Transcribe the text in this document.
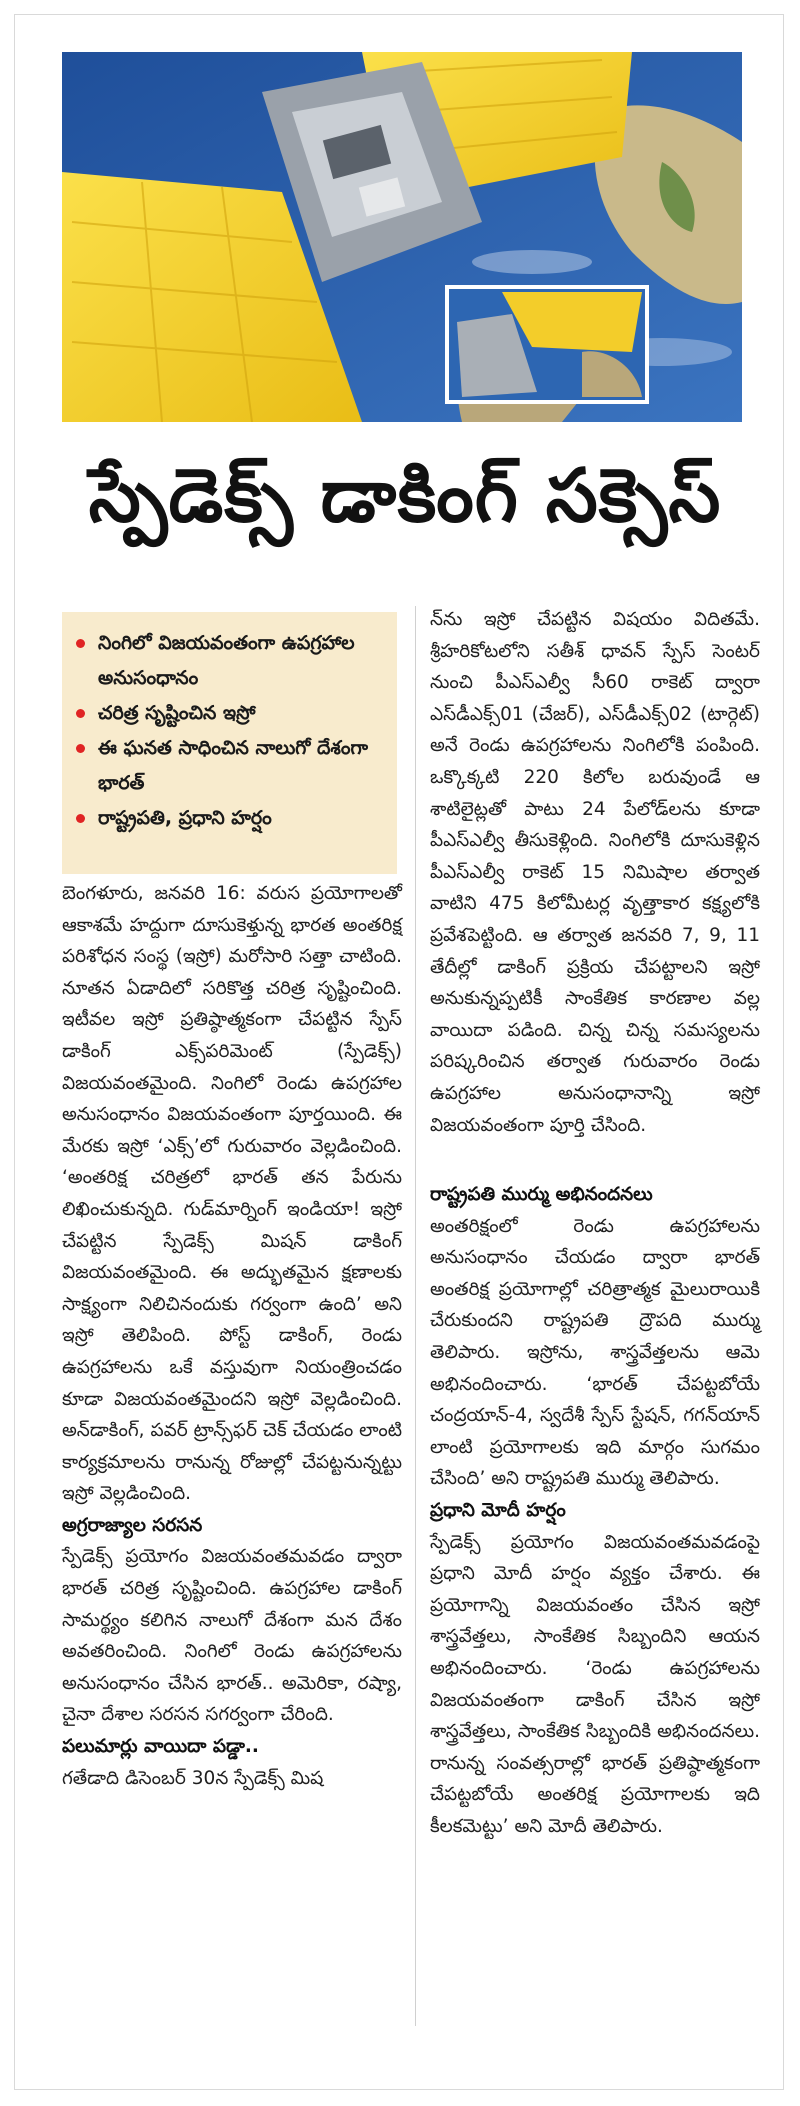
స్పేడెక్స్‌ డాకింగ్‌ సక్సెస్‌
నింగిలో విజయవంతంగా ఉపగ్రహాల అనుసంధానం
చరిత్ర సృష్టించిన ఇస్రో
ఈ ఘనత సాధించిన నాలుగో దేశంగా భారత్‌
రాష్ట్రపతి, ప్రధాని హర్షం

బెంగళూరు, జనవరి 16: వరుస ప్రయోగాలతో ఆకాశమే హద్దుగా దూసుకెళ్తున్న భారత అంతరిక్ష పరిశోధన సంస్థ (ఇస్రో) మరోసారి సత్తా చాటింది. నూతన ఏడాదిలో సరికొత్త చరిత్ర సృష్టించింది. ఇటీవల ఇస్రో ప్రతిష్ఠాత్మకంగా చేపట్టిన స్పేస్‌ డాకింగ్‌ ఎక్స్‌పరిమెంట్‌ (స్పేడెక్స్‌) విజయవంతమైంది. నింగిలో రెండు ఉపగ్రహాల అనుసంధానం విజయవంతంగా పూర్తయింది. ఈ మేరకు ఇస్రో ‘ఎక్స్‌’లో గురువారం వెల్లడించింది. ‘అంతరిక్ష చరిత్రలో భారత్‌ తన పేరును లిఖించుకున్నది. గుడ్‌మార్నింగ్‌ ఇండియా! ఇస్రో చేపట్టిన స్పేడెక్స్‌ మిషన్‌ డాకింగ్‌ విజయవంతమైంది. ఈ అద్భుతమైన క్షణాలకు సాక్ష్యంగా నిలిచినందుకు గర్వంగా ఉంది’ అని ఇస్రో తెలిపింది. పోస్ట్‌ డాకింగ్‌, రెండు ఉపగ్రహాలను ఒకే వస్తువుగా నియంత్రించడం కూడా విజయవంతమైందని ఇస్రో వెల్లడించింది. అన్‌డాకింగ్‌, పవర్‌ ట్రాన్స్‌ఫర్‌ చెక్‌ చేయడం లాంటి కార్యక్రమాలను రానున్న రోజుల్లో చేపట్టనున్నట్టు ఇస్రో వెల్లడించింది.

అగ్రరాజ్యాల సరసన

స్పేడెక్స్‌ ప్రయోగం విజయవంతమవడం ద్వారా భారత్‌ చరిత్ర సృష్టించింది. ఉపగ్రహాల డాకింగ్‌ సామర్థ్యం కలిగిన నాలుగో దేశంగా మన దేశం అవతరించింది. నింగిలో రెండు ఉపగ్రహాలను అనుసంధానం చేసిన భారత్‌.. అమెరికా, రష్యా, చైనా దేశాల సరసన సగర్వంగా చేరింది.

పలుమార్లు వాయిదా పడ్డా..

గతేడాది డిసెంబర్‌ 30న స్పేడెక్స్‌ మిష

న్‌ను ఇస్రో చేపట్టిన విషయం విదితమే. శ్రీహరికోటలోని సతీశ్‌ ధావన్‌ స్పేస్‌ సెంటర్‌ నుంచి పీఎస్‌ఎల్వీ సీ60 రాకెట్‌ ద్వారా ఎస్‌డీఎక్స్‌01 (చేజర్‌), ఎస్‌డీఎక్స్‌02 (టార్గెట్‌) అనే రెండు ఉపగ్రహాలను నింగిలోకి పంపింది. ఒక్కొక్కటి 220 కిలోల బరువుండే ఆ శాటిలైట్లతో పాటు 24 పేలోడ్‌లను కూడా పీఎస్‌ఎల్వీ తీసుకెళ్లింది. నింగిలోకి దూసుకెళ్లిన పీఎస్‌ఎల్వీ రాకెట్‌ 15 నిమిషాల తర్వాత వాటిని 475 కిలోమీటర్ల వృత్తాకార కక్ష్యలోకి ప్రవేశపెట్టింది. ఆ తర్వాత జనవరి 7, 9, 11 తేదీల్లో డాకింగ్‌ ప్రక్రియ చేపట్టాలని ఇస్రో అనుకున్నప్పటికీ సాంకేతిక కారణాల వల్ల వాయిదా పడింది. చిన్న చిన్న సమస్యలను పరిష్కరించిన తర్వాత గురువారం రెండు ఉపగ్రహాల అనుసంధానాన్ని ఇస్రో విజయవంతంగా పూర్తి చేసింది.

రాష్ట్రపతి ముర్ము అభినందనలు

అంతరిక్షంలో రెండు ఉపగ్రహాలను అనుసంధానం చేయడం ద్వారా భారత్‌ అంతరిక్ష ప్రయోగాల్లో చరిత్రాత్మక మైలురాయికి చేరుకుందని రాష్ట్రపతి ద్రౌపది ముర్ము తెలిపారు. ఇస్రోను, శాస్త్రవేత్తలను ఆమె అభినందించారు. ‘భారత్‌ చేపట్టబోయే చంద్రయాన్‌-4, స్వదేశీ స్పేస్‌ స్టేషన్‌, గగన్‌యాన్‌ లాంటి ప్రయోగాలకు ఇది మార్గం సుగమం చేసింది’ అని రాష్ట్రపతి ముర్ము తెలిపారు.

ప్రధాని మోదీ హర్షం

స్పేడెక్స్‌ ప్రయోగం విజయవంతమవడంపై ప్రధాని మోదీ హర్షం వ్యక్తం చేశారు. ఈ ప్రయోగాన్ని విజయవంతం చేసిన ఇస్రో శాస్త్రవేత్తలు, సాంకేతిక సిబ్బందిని ఆయన అభినందించారు. ‘రెండు ఉపగ్రహాలను విజయవంతంగా డాకింగ్‌ చేసిన ఇస్రో శాస్త్రవేత్తలు, సాంకేతిక సిబ్బందికి అభినందనలు. రానున్న సంవత్సరాల్లో భారత్‌ ప్రతిష్ఠాత్మకంగా చేపట్టబోయే అంతరిక్ష ప్రయోగాలకు ఇది కీలకమెట్టు’ అని మోదీ తెలిపారు.
